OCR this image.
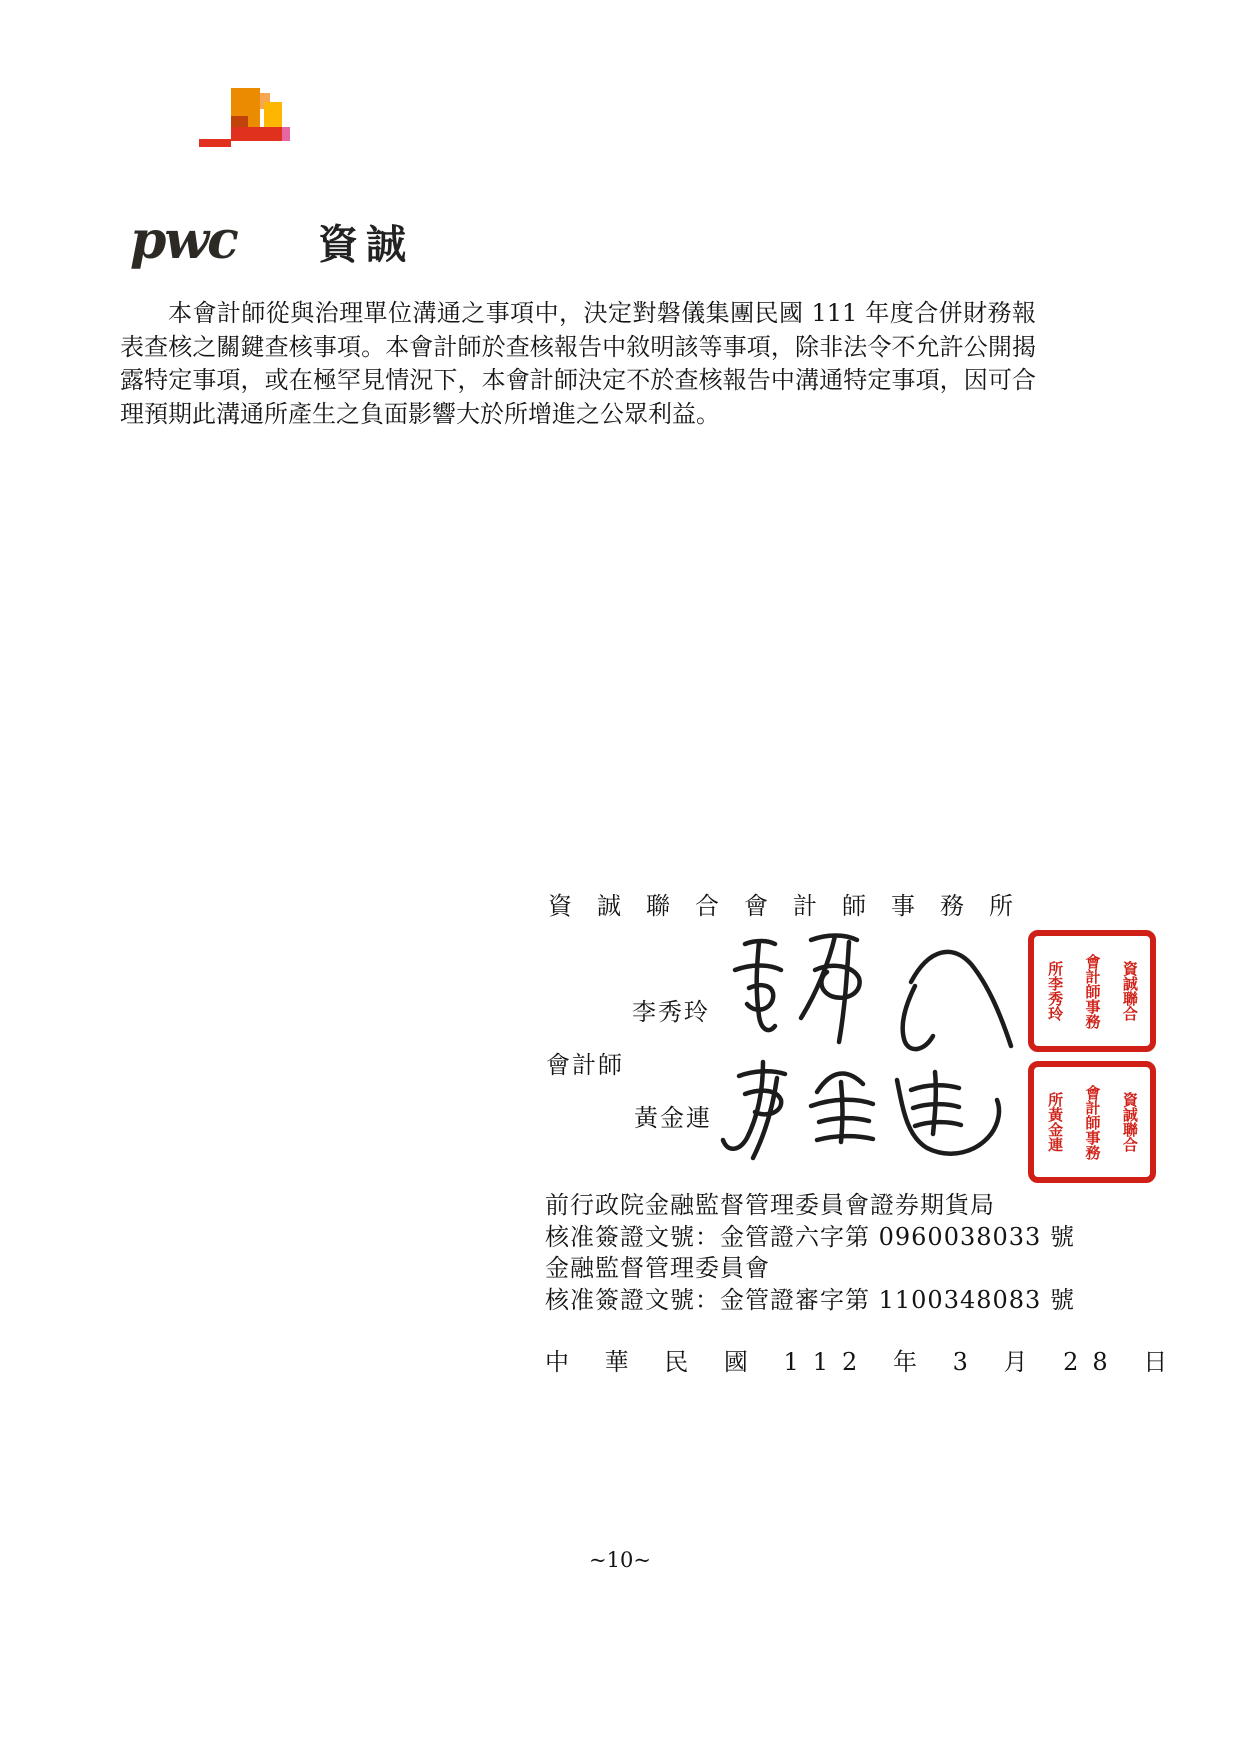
pwc 資誠
本會計師從與治理單位溝通之事項中，決定對磐儀集團民國 111 年度合併財務報表查核之關鍵查核事項。本會計師於查核報告中敘明該等事項，除非法令不允許公開揭露特定事項，或在極罕見情況下，本會計師決定不於查核報告中溝通特定事項，因可合理預期此溝通所產生之負面影響大於所增進之公眾利益。
資誠聯合會計師事務所
李秀玲
會計師
黃金連
資誠聯合
會計師事務
所李秀玲
資誠聯合
會計師事務
所黃金連
前行政院金融監督管理委員會證券期貨局
核准簽證文號：金管證六字第 0960038033 號
金融監督管理委員會
核准簽證文號：金管證審字第 1100348083 號
中 華 民 國 112 年 3 月 28 日
~10~
